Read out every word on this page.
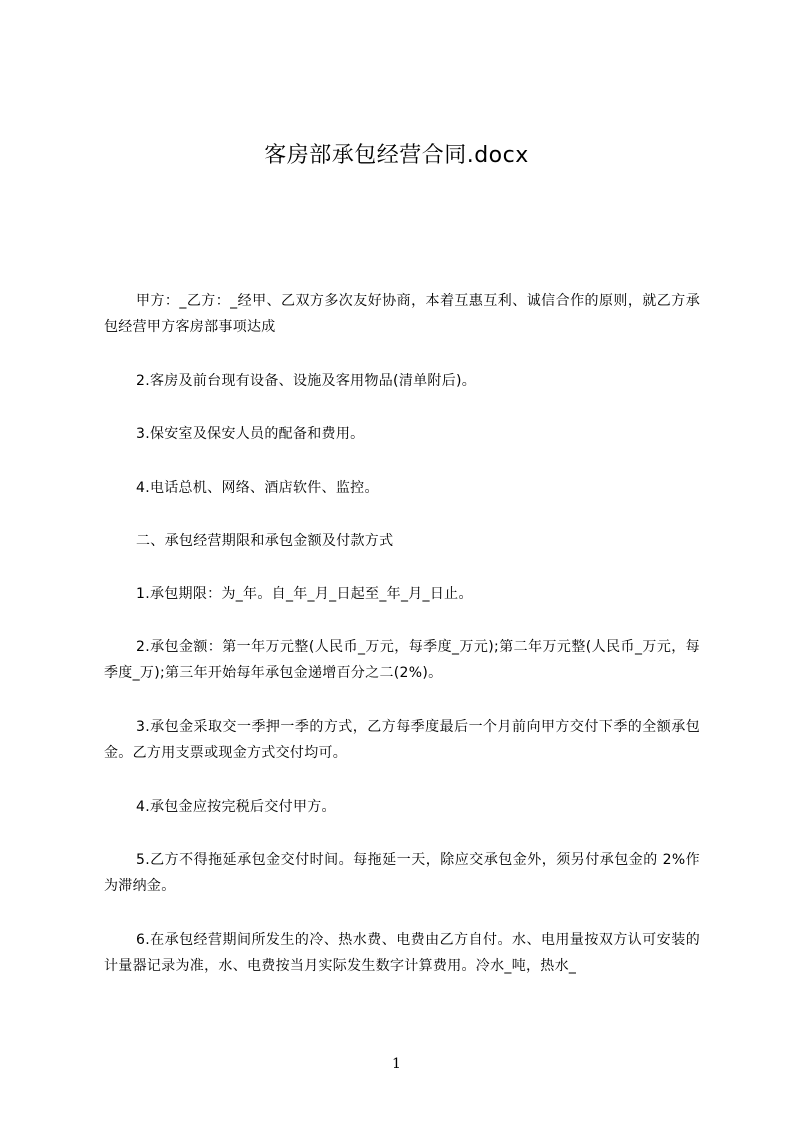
客房部承包经营合同.docx
甲方：_乙方：_经甲、乙双方多次友好协商，本着互惠互利、诚信合作的原则，就乙方承包经营甲方客房部事项达成
2.客房及前台现有设备、设施及客用物品(清单附后)。
3.保安室及保安人员的配备和费用。
4.电话总机、网络、酒店软件、监控。
二、承包经营期限和承包金额及付款方式
1.承包期限：为_年。自_年_月_日起至_年_月_日止。
2.承包金额：第一年万元整(人民币_万元，每季度_万元);第二年万元整(人民币_万元，每季度_万);第三年开始每年承包金递增百分之二(2%)。
3.承包金采取交一季押一季的方式，乙方每季度最后一个月前向甲方交付下季的全额承包金。乙方用支票或现金方式交付均可。
4.承包金应按完税后交付甲方。
5.乙方不得拖延承包金交付时间。每拖延一天，除应交承包金外，须另付承包金的 2%作为滞纳金。
6.在承包经营期间所发生的冷、热水费、电费由乙方自付。水、电用量按双方认可安装的计量器记录为准，水、电费按当月实际发生数字计算费用。冷水_吨，热水_
1
